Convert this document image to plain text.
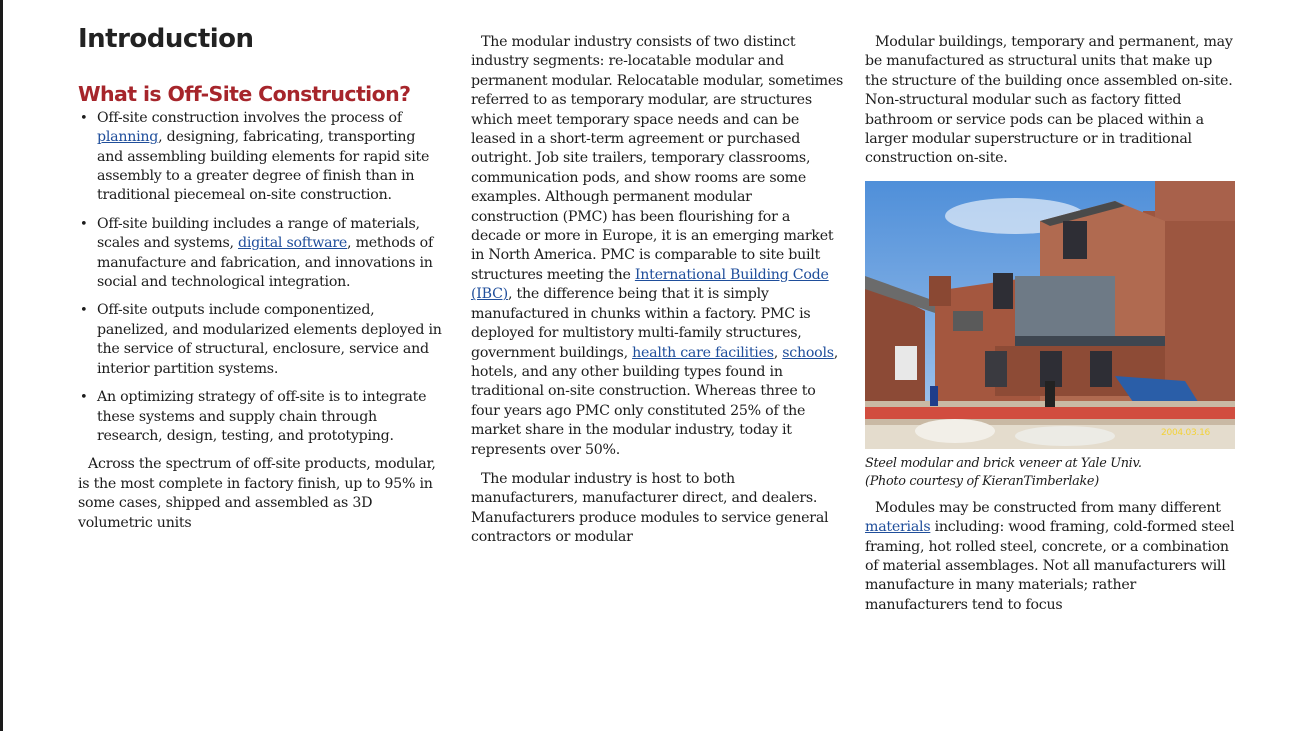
Introduction
What is Off-Site Construction?
• Off-site construction involves the process of planning, designing, fabricating, transporting and assembling building elements for rapid site assembly to a greater degree of finish than in traditional piecemeal on-site construction.
• Off-site building includes a range of materials, scales and systems, digital software, methods of manufacture and fabrication, and innovations in social and technological integration.
• Off-site outputs include componentized, panelized, and modularized elements deployed in the service of structural, enclosure, service and interior partition systems.
• An optimizing strategy of off-site is to integrate these systems and supply chain through research, design, testing, and prototyping.

Across the spectrum of off-site products, modular, is the most complete in factory finish, up to 95% in some cases, shipped and assembled as 3D volumetric units

The modular industry consists of two distinct industry segments: re-locatable modular and permanent modular. Relocatable modular, sometimes referred to as temporary modular, are structures which meet temporary space needs and can be leased in a short-term agreement or purchased outright. Job site trailers, temporary classrooms, communication pods, and show rooms are some examples. Although permanent modular construction (PMC) has been flourishing for a decade or more in Europe, it is an emerging market in North America. PMC is comparable to site built structures meeting the International Building Code (IBC), the difference being that it is simply manufactured in chunks within a factory. PMC is deployed for multistory multi-family structures, government buildings, health care facilities, schools, hotels, and any other building types found in traditional on-site construction. Whereas three to four years ago PMC only constituted 25% of the market share in the modular industry, today it represents over 50%.

The modular industry is host to both manufacturers, manufacturer direct, and dealers. Manufacturers produce modules to service general contractors or modular

Modular buildings, temporary and permanent, may be manufactured as structural units that make up the structure of the building once assembled on-site. Non-structural modular such as factory fitted bathroom or service pods can be placed within a larger modular superstructure or in traditional construction on-site.

2004.03.16
Steel modular and brick veneer at Yale Univ.
(Photo courtesy of KieranTimberlake)

Modules may be constructed from many different materials including: wood framing, cold-formed steel framing, hot rolled steel, concrete, or a combination of material assemblages. Not all manufacturers will manufacture in many materials; rather manufacturers tend to focus
